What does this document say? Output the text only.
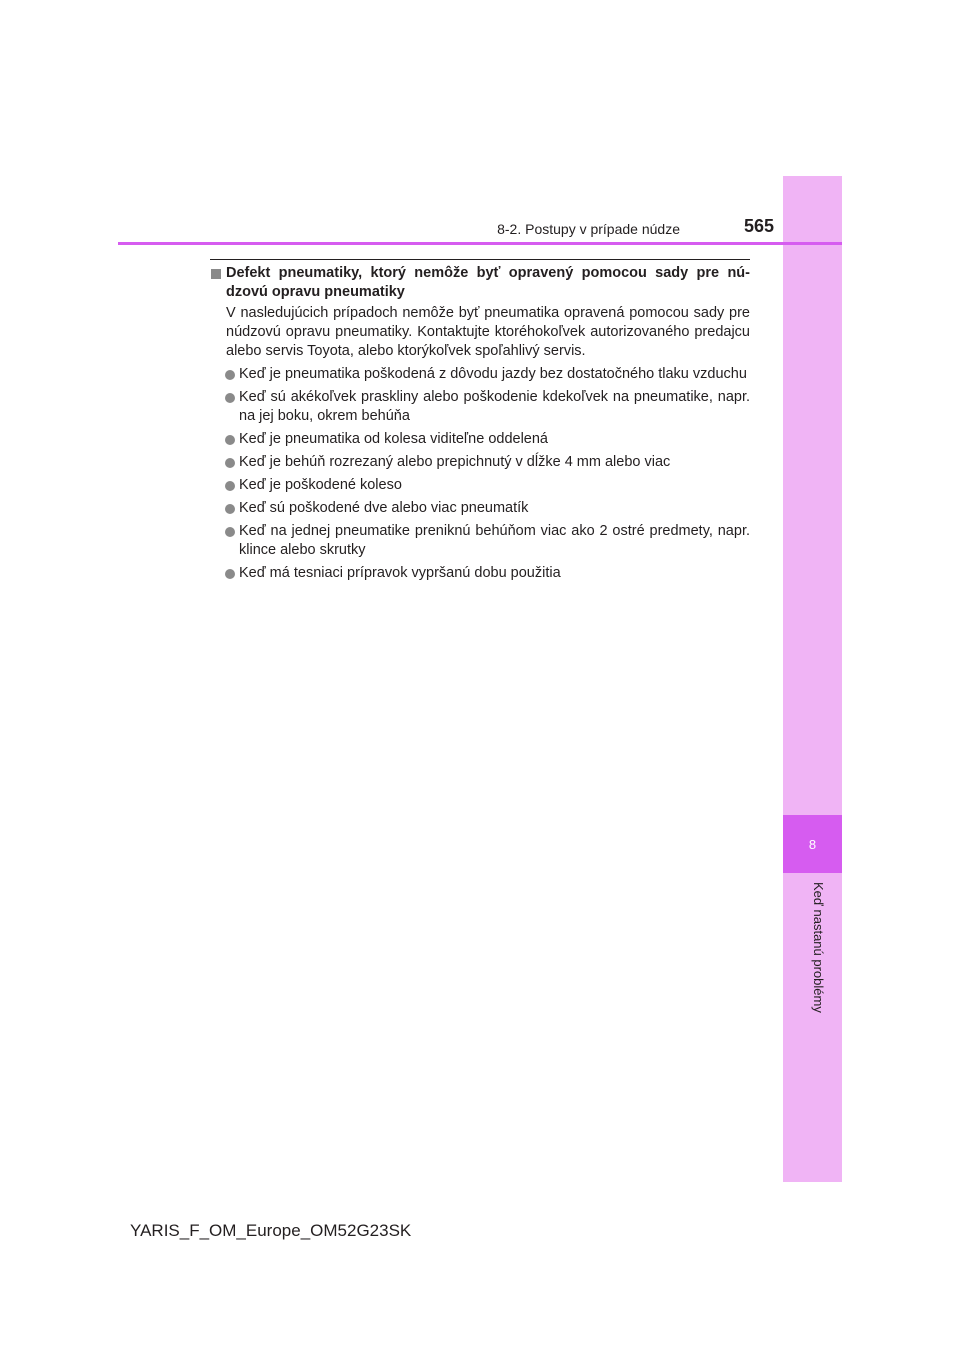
8
Keď nastanú problémy
8-2. Postupy v prípade núdze	565
Defekt pneumatiky, ktorý nemôže byť opravený pomocou sady pre nú- dzovú opravu pneumatiky
V nasledujúcich prípadoch nemôže byť pneumatika opravená pomocou sady pre núdzovú opravu pneumatiky. Kontaktujte ktoréhokoľvek autorizovaného predajcu alebo servis Toyota, alebo ktorýkoľvek spoľahlivý servis.
Keď je pneumatika poškodená z dôvodu jazdy bez dostatočného tlaku vzduchu
Keď sú akékoľvek praskliny alebo poškodenie kdekoľvek na pneumatike, napr. na jej boku, okrem behúňa
Keď je pneumatika od kolesa viditeľne oddelená
Keď je behúň rozrezaný alebo prepichnutý v dĺžke 4 mm alebo viac
Keď je poškodené koleso
Keď sú poškodené dve alebo viac pneumatík
Keď na jednej pneumatike preniknú behúňom viac ako 2 ostré predmety, napr. klince alebo skrutky
Keď má tesniaci prípravok vypršanú dobu použitia
YARIS_F_OM_Europe_OM52G23SK
